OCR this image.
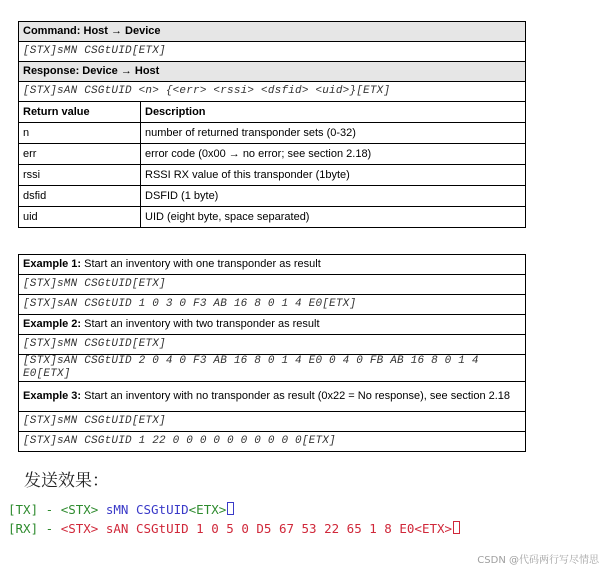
Command: Host → Device	
[STX]sMN CSGtUID[ETX]	
Response: Device → Host	
[STX]sAN CSGtUID <n> {<err> <rssi> <dsfid> <uid>}[ETX]	
Return value	Description
n	number of returned transponder sets (0-32)
err	error code (0x00 → no error; see section 2.18)
rssi	RSSI RX value of this transponder (1byte)
dsfid	DSFID (1 byte)
uid	UID (eight byte, space separated)
Example 1: Start an inventory with one transponder as result
[STX]sMN CSGtUID[ETX]
[STX]sAN CSGtUID 1 0 3 0 F3 AB 16 8 0 1 4 E0[ETX]
Example 2: Start an inventory with two transponder as result
[STX]sMN CSGtUID[ETX]
[STX]sAN CSGtUID 2 0 4 0 F3 AB 16 8 0 1 4 E0 0 4 0 FB AB 16 8 0 1 4 E0[ETX]
Example 3: Start an inventory with no transponder as result (0x22 = No response), see section 2.18
[STX]sMN CSGtUID[ETX]
[STX]sAN CSGtUID 1 22 0 0 0 0 0 0 0 0 0 0[ETX]
发送效果：
[TX] - <STX> sMN CSGtUID<ETX>
[RX] - <STX> sAN CSGtUID 1 0 5 0 D5 67 53 22 65 1 8 E0<ETX>
CSDN @代码两行写尽情思
